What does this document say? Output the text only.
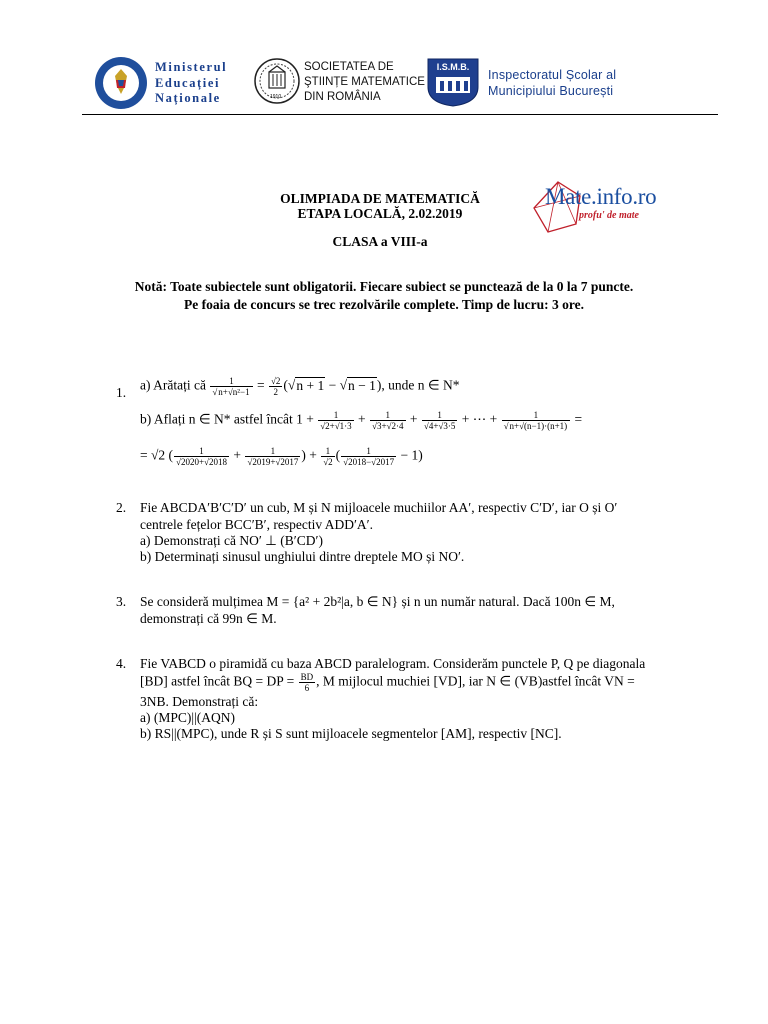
Ministerul
Educației
Naționale	1910
SOCIETATEA DE
ŞTIINȚE MATEMATICE
DIN ROMÂNIA
I.S.M.B.
Inspectoratul Școlar al
Municipiului București
OLIMPIADA DE MATEMATICĂ
ETAPA LOCALĂ, 2.02.2019
CLASA a VIII-a
Mate.info.ro
profu' de mate
Notă: Toate subiectele sunt obligatorii. Fiecare subiect se punctează de la 0 la 7 puncte.
Pe foaia de concurs se trec rezolvările complete. Timp de lucru: 3 ore.
1. a) Arătați că $\frac{1}{\text{√n+√n²−1}} = \frac{√2}{2} (√n + 1 - √n - 1)$, unde n ∈ N*
b) Aflați n ∈ N* astfel încât $1 + \frac{1}{√2+√1\cdot 3} + \frac{1}{√3+√2\cdot 4} + \frac{1}{√4+√3\cdot 5}$ + ⋯ + $\frac{1}{√n+√(n-1)\cdot(n+1)}$ =
= √2 ( $\frac{1}{√2020+√2018} + \frac{1}{√2019+√2017}$ ) + $\frac{1}{√2}$ ( $\frac{1}{√2018-√2017} - 1$)
2. Fie ABCDA′B′C′D′ un cub, M și N mijloacele muchiilor AA′, respectiv C′D′, iar O și O′
centrele fețelor BCC′B′, respectiv ADD′A′.
a) Demonstrați că NO′ ⊥ (B′CD′)
b) Determinați sinusul unghiului dintre dreptele MO și NO′.
3. Se consideră mulțimea M = {a² + 2b²|a, b ∈ N} și n un număr natural. Dacă 100n ∈ M,
demonstrați că 99n ∈ M.
4. Fie VABCD o piramidă cu baza ABCD paralelogram. Considerăm punctele P, Q pe diagonala
[BD] astfel încât BQ = DP = $\frac{BD}{6}$ , M mijlocul muchiei [VD], iar N ∈ (VB)astfel încât VN =
3NB. Demonstrați că:
a) (MPC)||(AQN)
b) RS||(MPC), unde R și S sunt mijloacele segmentelor [AM], respectiv [NC].
